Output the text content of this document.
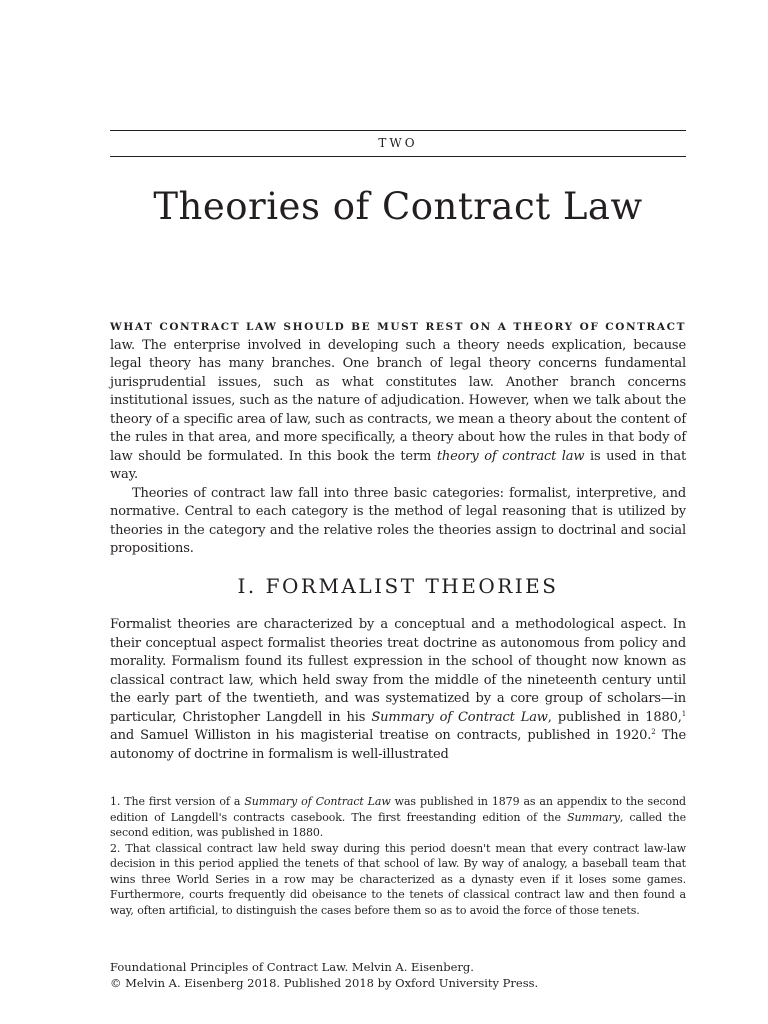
TWO
Theories of Contract Law

WHAT CONTRACT LAW SHOULD BE MUST REST ON A THEORY OF CONTRACT law. The enterprise involved in developing such a theory needs explication, because legal theory has many branches. One branch of legal theory concerns fundamental jurisprudential issues, such as what constitutes law. Another branch concerns institutional issues, such as the nature of adjudication. However, when we talk about the theory of a specific area of law, such as contracts, we mean a theory about the content of the rules in that area, and more specifically, a theory about how the rules in that body of law should be formulated. In this book the term theory of contract law is used in that way.

Theories of contract law fall into three basic categories: formalist, interpretive, and normative. Central to each category is the method of legal reasoning that is utilized by theories in the category and the relative roles the theories assign to doctrinal and social propositions.

I. FORMALIST THEORIES

Formalist theories are characterized by a conceptual and a methodological aspect. In their conceptual aspect formalist theories treat doctrine as autonomous from policy and morality. Formalism found its fullest expression in the school of thought now known as classical contract law, which held sway from the middle of the nineteenth century until the early part of the twentieth, and was systematized by a core group of scholars—in particular, Christopher Langdell in his Summary of Contract Law, published in 1880,$^1$ and Samuel Williston in his magisterial treatise on contracts, published in 1920.$^2$ The autonomy of doctrine in formalism is well-illustrated

1. The first version of a Summary of Contract Law was published in 1879 as an appendix to the second edition of Langdell's contracts casebook. The first freestanding edition of the Summary, called the second edition, was published in 1880.

2. That classical contract law held sway during this period doesn't mean that every contract law-law decision in this period applied the tenets of that school of law. By way of analogy, a baseball team that wins three World Series in a row may be characterized as a dynasty even if it loses some games. Furthermore, courts frequently did obeisance to the tenets of classical contract law and then found a way, often artificial, to distinguish the cases before them so as to avoid the force of those tenets.

Foundational Principles of Contract Law. Melvin A. Eisenberg.

© Melvin A. Eisenberg 2018. Published 2018 by Oxford University Press.
